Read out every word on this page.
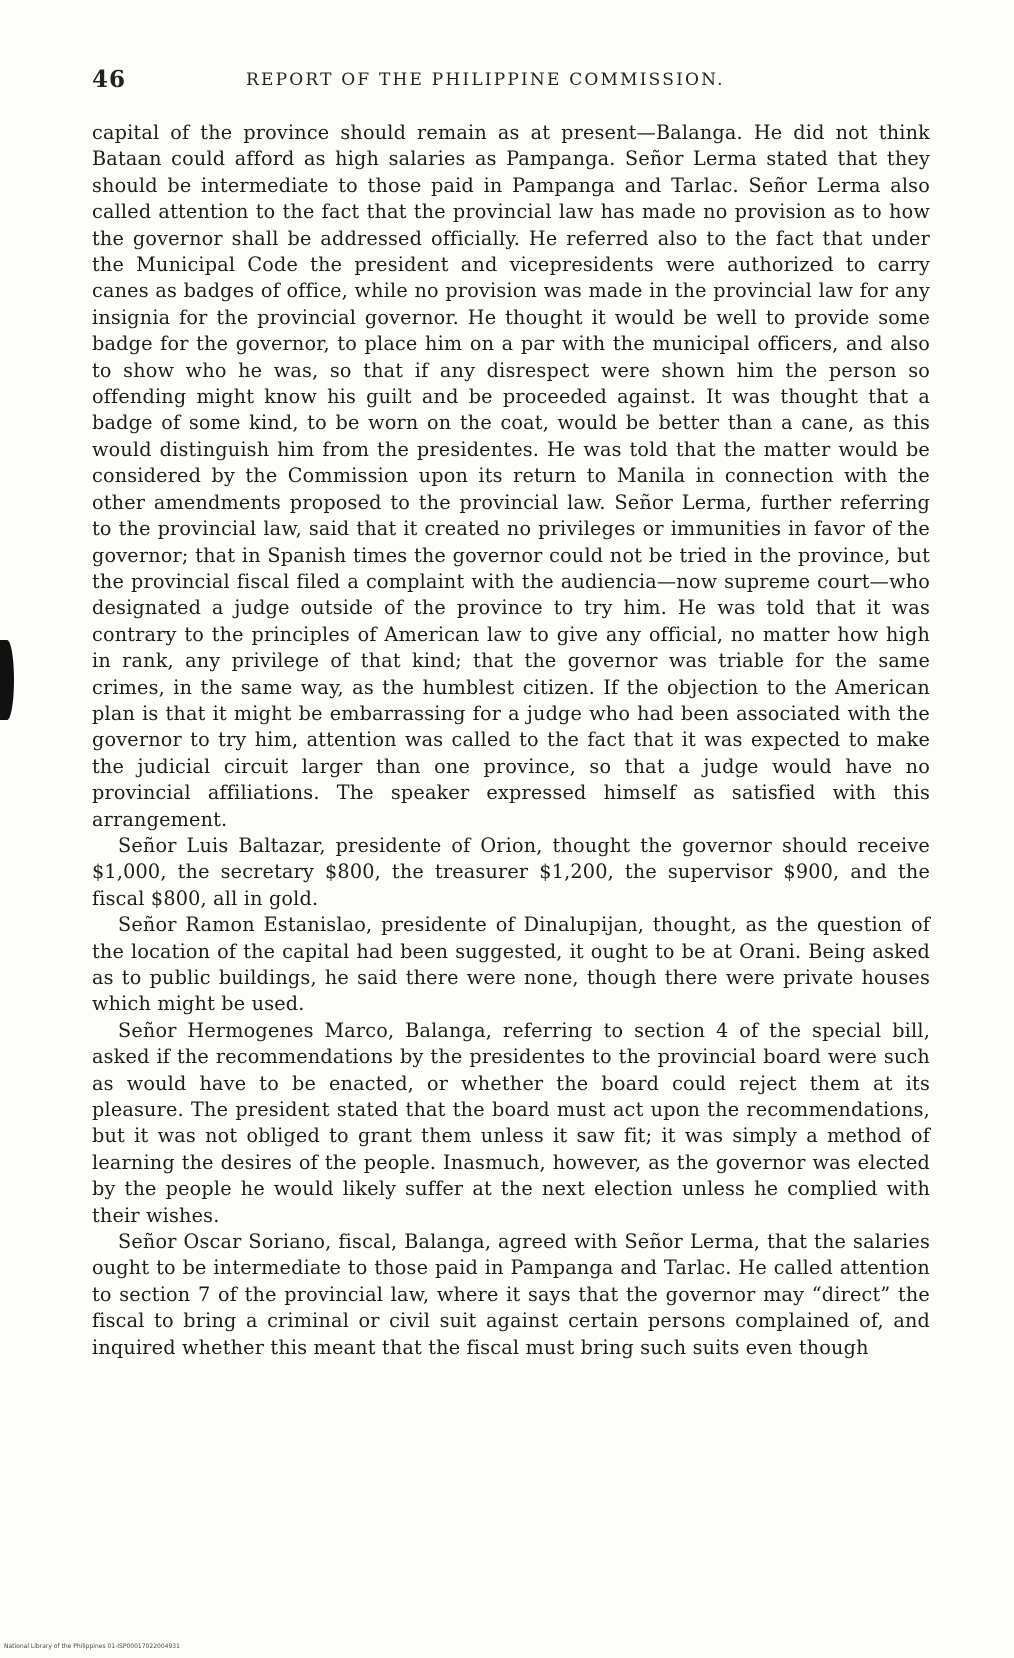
46	REPORT OF THE PHILIPPINE COMMISSION.

capital of the province should remain as at present—Balanga. He did not think Bataan could afford as high salaries as Pampanga. Señor Lerma stated that they should be intermediate to those paid in Pampanga and Tarlac. Señor Lerma also called attention to the fact that the provincial law has made no provision as to how the governor shall be addressed officially. He referred also to the fact that under the Municipal Code the president and vicepresidents were authorized to carry canes as badges of office, while no provision was made in the provincial law for any insignia for the provincial governor. He thought it would be well to provide some badge for the governor, to place him on a par with the municipal officers, and also to show who he was, so that if any disrespect were shown him the person so offending might know his guilt and be proceeded against. It was thought that a badge of some kind, to be worn on the coat, would be better than a cane, as this would distinguish him from the presidentes. He was told that the matter would be considered by the Commission upon its return to Manila in connection with the other amendments proposed to the provincial law. Señor Lerma, further referring to the provincial law, said that it created no privileges or immunities in favor of the governor; that in Spanish times the governor could not be tried in the province, but the provincial fiscal filed a complaint with the audiencia—now supreme court—who designated a judge outside of the province to try him. He was told that it was contrary to the principles of American law to give any official, no matter how high in rank, any privilege of that kind; that the governor was triable for the same crimes, in the same way, as the humblest citizen. If the objection to the American plan is that it might be embarrassing for a judge who had been associated with the governor to try him, attention was called to the fact that it was expected to make the judicial circuit larger than one province, so that a judge would have no provincial affiliations. The speaker expressed himself as satisfied with this arrangement.

Señor Luis Baltazar, presidente of Orion, thought the governor should receive $1,000, the secretary $800, the treasurer $1,200, the supervisor $900, and the fiscal $800, all in gold.

Señor Ramon Estanislao, presidente of Dinalupijan, thought, as the question of the location of the capital had been suggested, it ought to be at Orani. Being asked as to public buildings, he said there were none, though there were private houses which might be used.

Señor Hermogenes Marco, Balanga, referring to section 4 of the special bill, asked if the recommendations by the presidentes to the provincial board were such as would have to be enacted, or whether the board could reject them at its pleasure. The president stated that the board must act upon the recommendations, but it was not obliged to grant them unless it saw fit; it was simply a method of learning the desires of the people. Inasmuch, however, as the governor was elected by the people he would likely suffer at the next election unless he complied with their wishes.

Señor Oscar Soriano, fiscal, Balanga, agreed with Señor Lerma, that the salaries ought to be intermediate to those paid in Pampanga and Tarlac. He called attention to section 7 of the provincial law, where it says that the governor may “direct” the fiscal to bring a criminal or civil suit against certain persons complained of, and inquired whether this meant that the fiscal must bring such suits even though

National Library of the Philippines 01-ISP00017022004931
